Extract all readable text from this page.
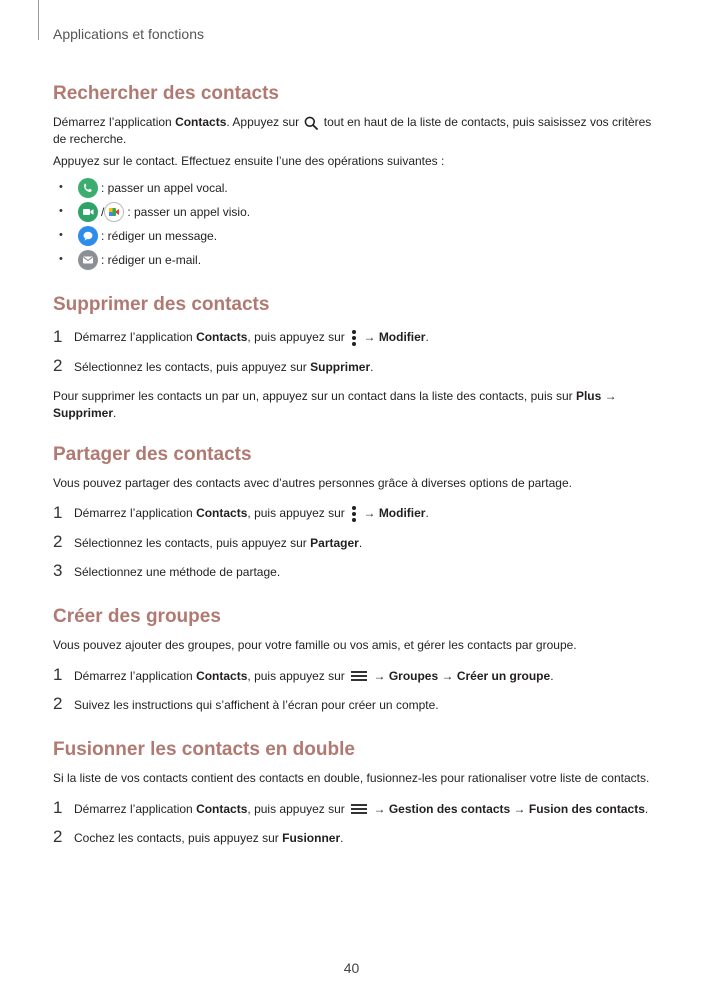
Applications et fonctions
Rechercher des contacts

Démarrez l’application Contacts. Appuyez sur  tout en haut de la liste de contacts, puis saisissez vos critères de recherche.

Appuyez sur le contact. Effectuez ensuite l’une des opérations suivantes :

• : passer un appel vocal.
• / : passer un appel visio.
• : rédiger un message.
• : rédiger un e-mail.
Supprimer des contacts
1 Démarrez l’application Contacts, puis appuyez sur
→ Modifier.
2 Sélectionnez les contacts, puis appuyez sur Supprimer.

Pour supprimer les contacts un par un, appuyez sur un contact dans la liste des contacts, puis sur Plus → Supprimer.

Partager des contacts

Vous pouvez partager des contacts avec d’autres personnes grâce à diverses options de partage.

1 Démarrez l’application Contacts, puis appuyez sur
→ Modifier.
2 Sélectionnez les contacts, puis appuyez sur Partager.
3 Sélectionnez une méthode de partage.
Créer des groupes

Vous pouvez ajouter des groupes, pour votre famille ou vos amis, et gérer les contacts par groupe.

1 Démarrez l’application Contacts, puis appuyez sur
→ Groupes → Créer un groupe.
2 Suivez les instructions qui s’affichent à l’écran pour créer un compte.
Fusionner les contacts en double

Si la liste de vos contacts contient des contacts en double, fusionnez-les pour rationaliser votre liste de contacts.

1 Démarrez l’application Contacts, puis appuyez sur
→ Gestion des contacts → Fusion des contacts.
2 Cochez les contacts, puis appuyez sur Fusionner.
40
